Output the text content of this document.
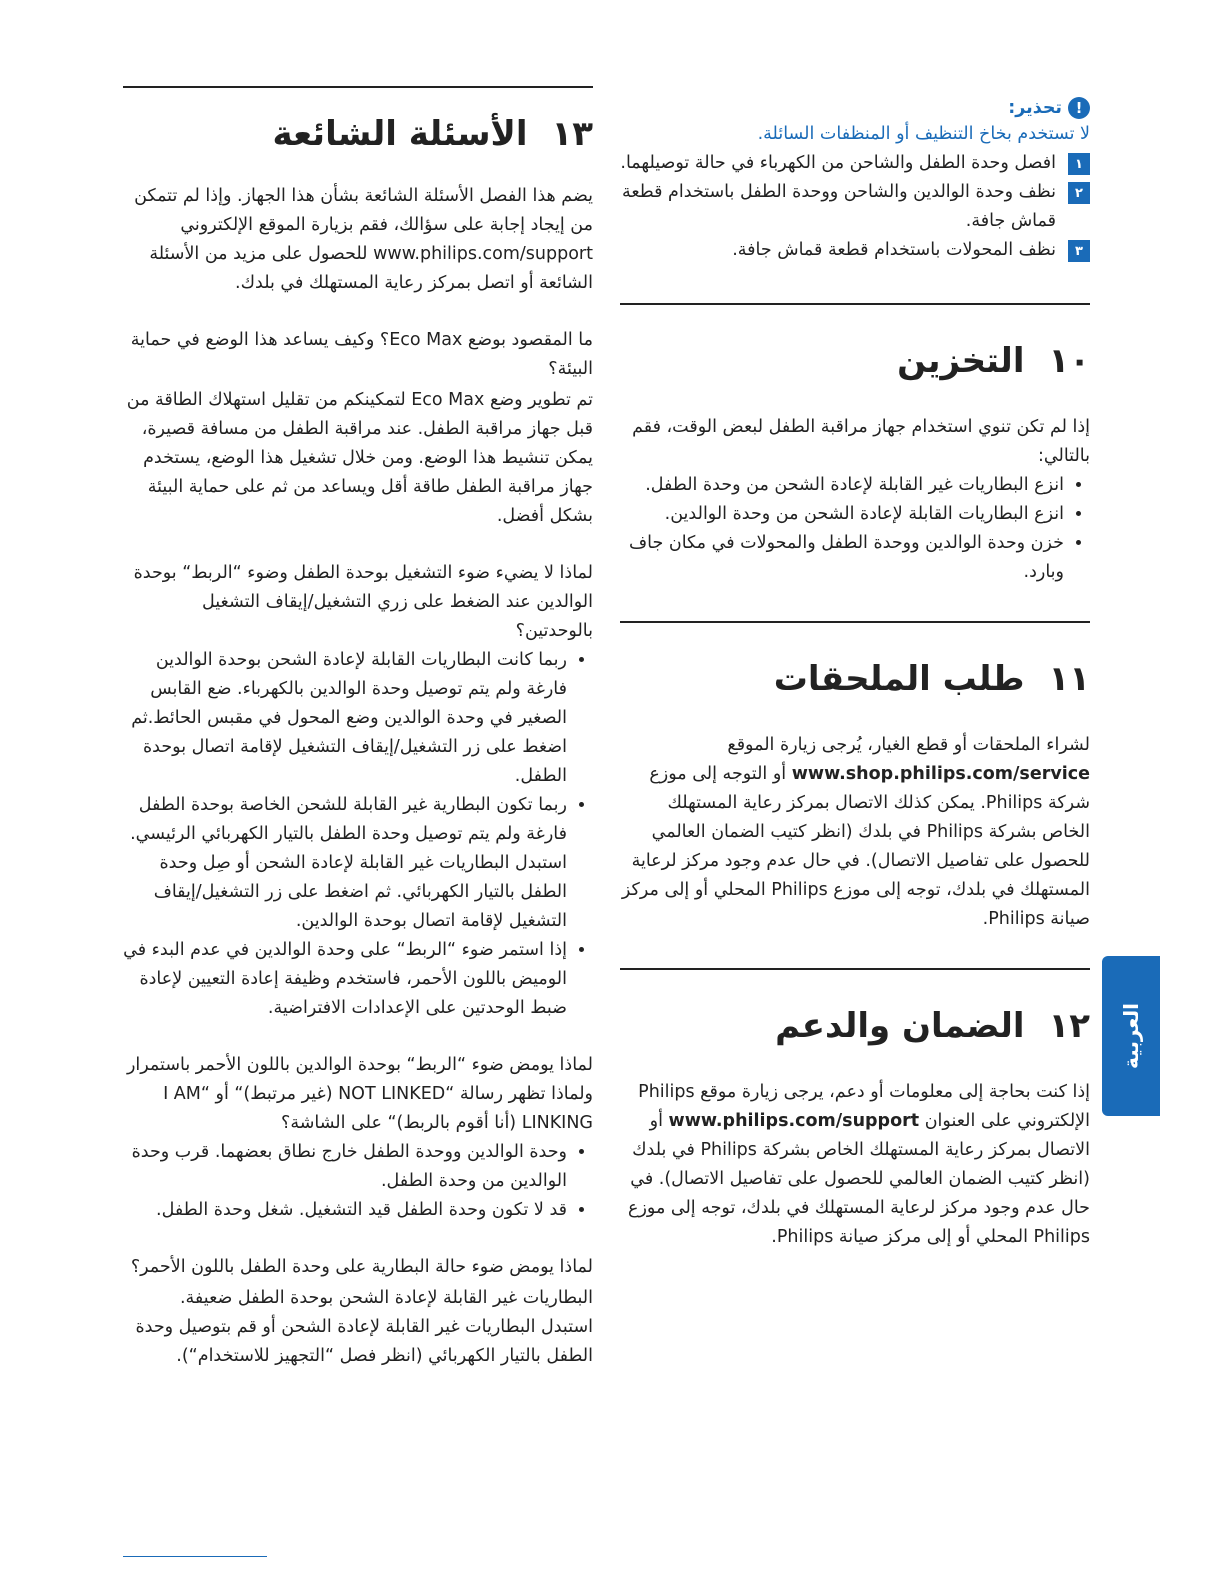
!
تحذير:
لا تستخدم بخاخ التنظيف أو المنظفات السائلة.
١
افصل وحدة الطفل والشاحن من الكهرباء في حالة توصيلهما.
٢
نظف وحدة الوالدين والشاحن ووحدة الطفل باستخدام قطعة قماش جافة.
٣
نظف المحولات باستخدام قطعة قماش جافة.
١٠
التخزين

إذا لم تكن تنوي استخدام جهاز مراقبة الطفل لبعض الوقت، فقم بالتالي:

• انزع البطاريات غير القابلة لإعادة الشحن من وحدة الطفل.
• انزع البطاريات القابلة لإعادة الشحن من وحدة الوالدين.
• خزن وحدة الوالدين ووحدة الطفل والمحولات في مكان جاف وبارد.
١١
طلب الملحقات

لشراء الملحقات أو قطع الغيار، يُرجى زيارة الموقع www.shop.philips.com/service أو التوجه إلى موزع شركة Philips. يمكن كذلك الاتصال بمركز رعاية المستهلك الخاص بشركة Philips في بلدك (انظر كتيب الضمان العالمي للحصول على تفاصيل الاتصال). في حال عدم وجود مركز لرعاية المستهلك في بلدك، توجه إلى موزع Philips المحلي أو إلى مركز صيانة Philips.

١٢
الضمان والدعم

إذا كنت بحاجة إلى معلومات أو دعم، يرجى زيارة موقع Philips الإلكتروني على العنوان www.philips.com/support أو الاتصال بمركز رعاية المستهلك الخاص بشركة Philips في بلدك (انظر كتيب الضمان العالمي للحصول على تفاصيل الاتصال). في حال عدم وجود مركز لرعاية المستهلك في بلدك، توجه إلى موزع Philips المحلي أو إلى مركز صيانة Philips.

١٣
الأسئلة الشائعة

يضم هذا الفصل الأسئلة الشائعة بشأن هذا الجهاز. وإذا لم تتمكن من إيجاد إجابة على سؤالك، فقم بزيارة الموقع الإلكتروني www.philips.com/support للحصول على مزيد من الأسئلة الشائعة أو اتصل بمركز رعاية المستهلك في بلدك.

ما المقصود بوضع Eco Max؟ وكيف يساعد هذا الوضع في حماية البيئة؟

تم تطوير وضع Eco Max لتمكينكم من تقليل استهلاك الطاقة من قبل جهاز مراقبة الطفل. عند مراقبة الطفل من مسافة قصيرة، يمكن تنشيط هذا الوضع. ومن خلال تشغيل هذا الوضع، يستخدم جهاز مراقبة الطفل طاقة أقل ويساعد من ثم على حماية البيئة بشكل أفضل.

لماذا لا يضيء ضوء التشغيل بوحدة الطفل وضوء “الربط“ بوحدة الوالدين عند الضغط على زري التشغيل/إيقاف التشغيل بالوحدتين؟

• ربما كانت البطاريات القابلة لإعادة الشحن بوحدة الوالدين فارغة ولم يتم توصيل وحدة الوالدين بالكهرباء. ضع القابس الصغير في وحدة الوالدين وضع المحول في مقبس الحائط.ثم اضغط على زر التشغيل/إيقاف التشغيل لإقامة اتصال بوحدة الطفل.
• ربما تكون البطارية غير القابلة للشحن الخاصة بوحدة الطفل فارغة ولم يتم توصيل وحدة الطفل بالتيار الكهربائي الرئيسي. استبدل البطاريات غير القابلة لإعادة الشحن أو صِل وحدة الطفل بالتيار الكهربائي. ثم اضغط على زر التشغيل/إيقاف التشغيل لإقامة اتصال بوحدة الوالدين.
• إذا استمر ضوء “الربط“ على وحدة الوالدين في عدم البدء في الوميض باللون الأحمر، فاستخدم وظيفة إعادة التعيين لإعادة ضبط الوحدتين على الإعدادات الافتراضية.

لماذا يومض ضوء “الربط“ بوحدة الوالدين باللون الأحمر باستمرار ولماذا تظهر رسالة “NOT LINKED (غير مرتبط)“ أو “I AM LINKING (أنا أقوم بالربط)“ على الشاشة؟

• وحدة الوالدين ووحدة الطفل خارج نطاق بعضهما. قرب وحدة الوالدين من وحدة الطفل.
• قد لا تكون وحدة الطفل قيد التشغيل. شغل وحدة الطفل.

لماذا يومض ضوء حالة البطارية على وحدة الطفل باللون الأحمر؟

البطاريات غير القابلة لإعادة الشحن بوحدة الطفل ضعيفة. استبدل البطاريات غير القابلة لإعادة الشحن أو قم بتوصيل وحدة الطفل بالتيار الكهربائي (انظر فصل “التجهيز للاستخدام“).

العربية
